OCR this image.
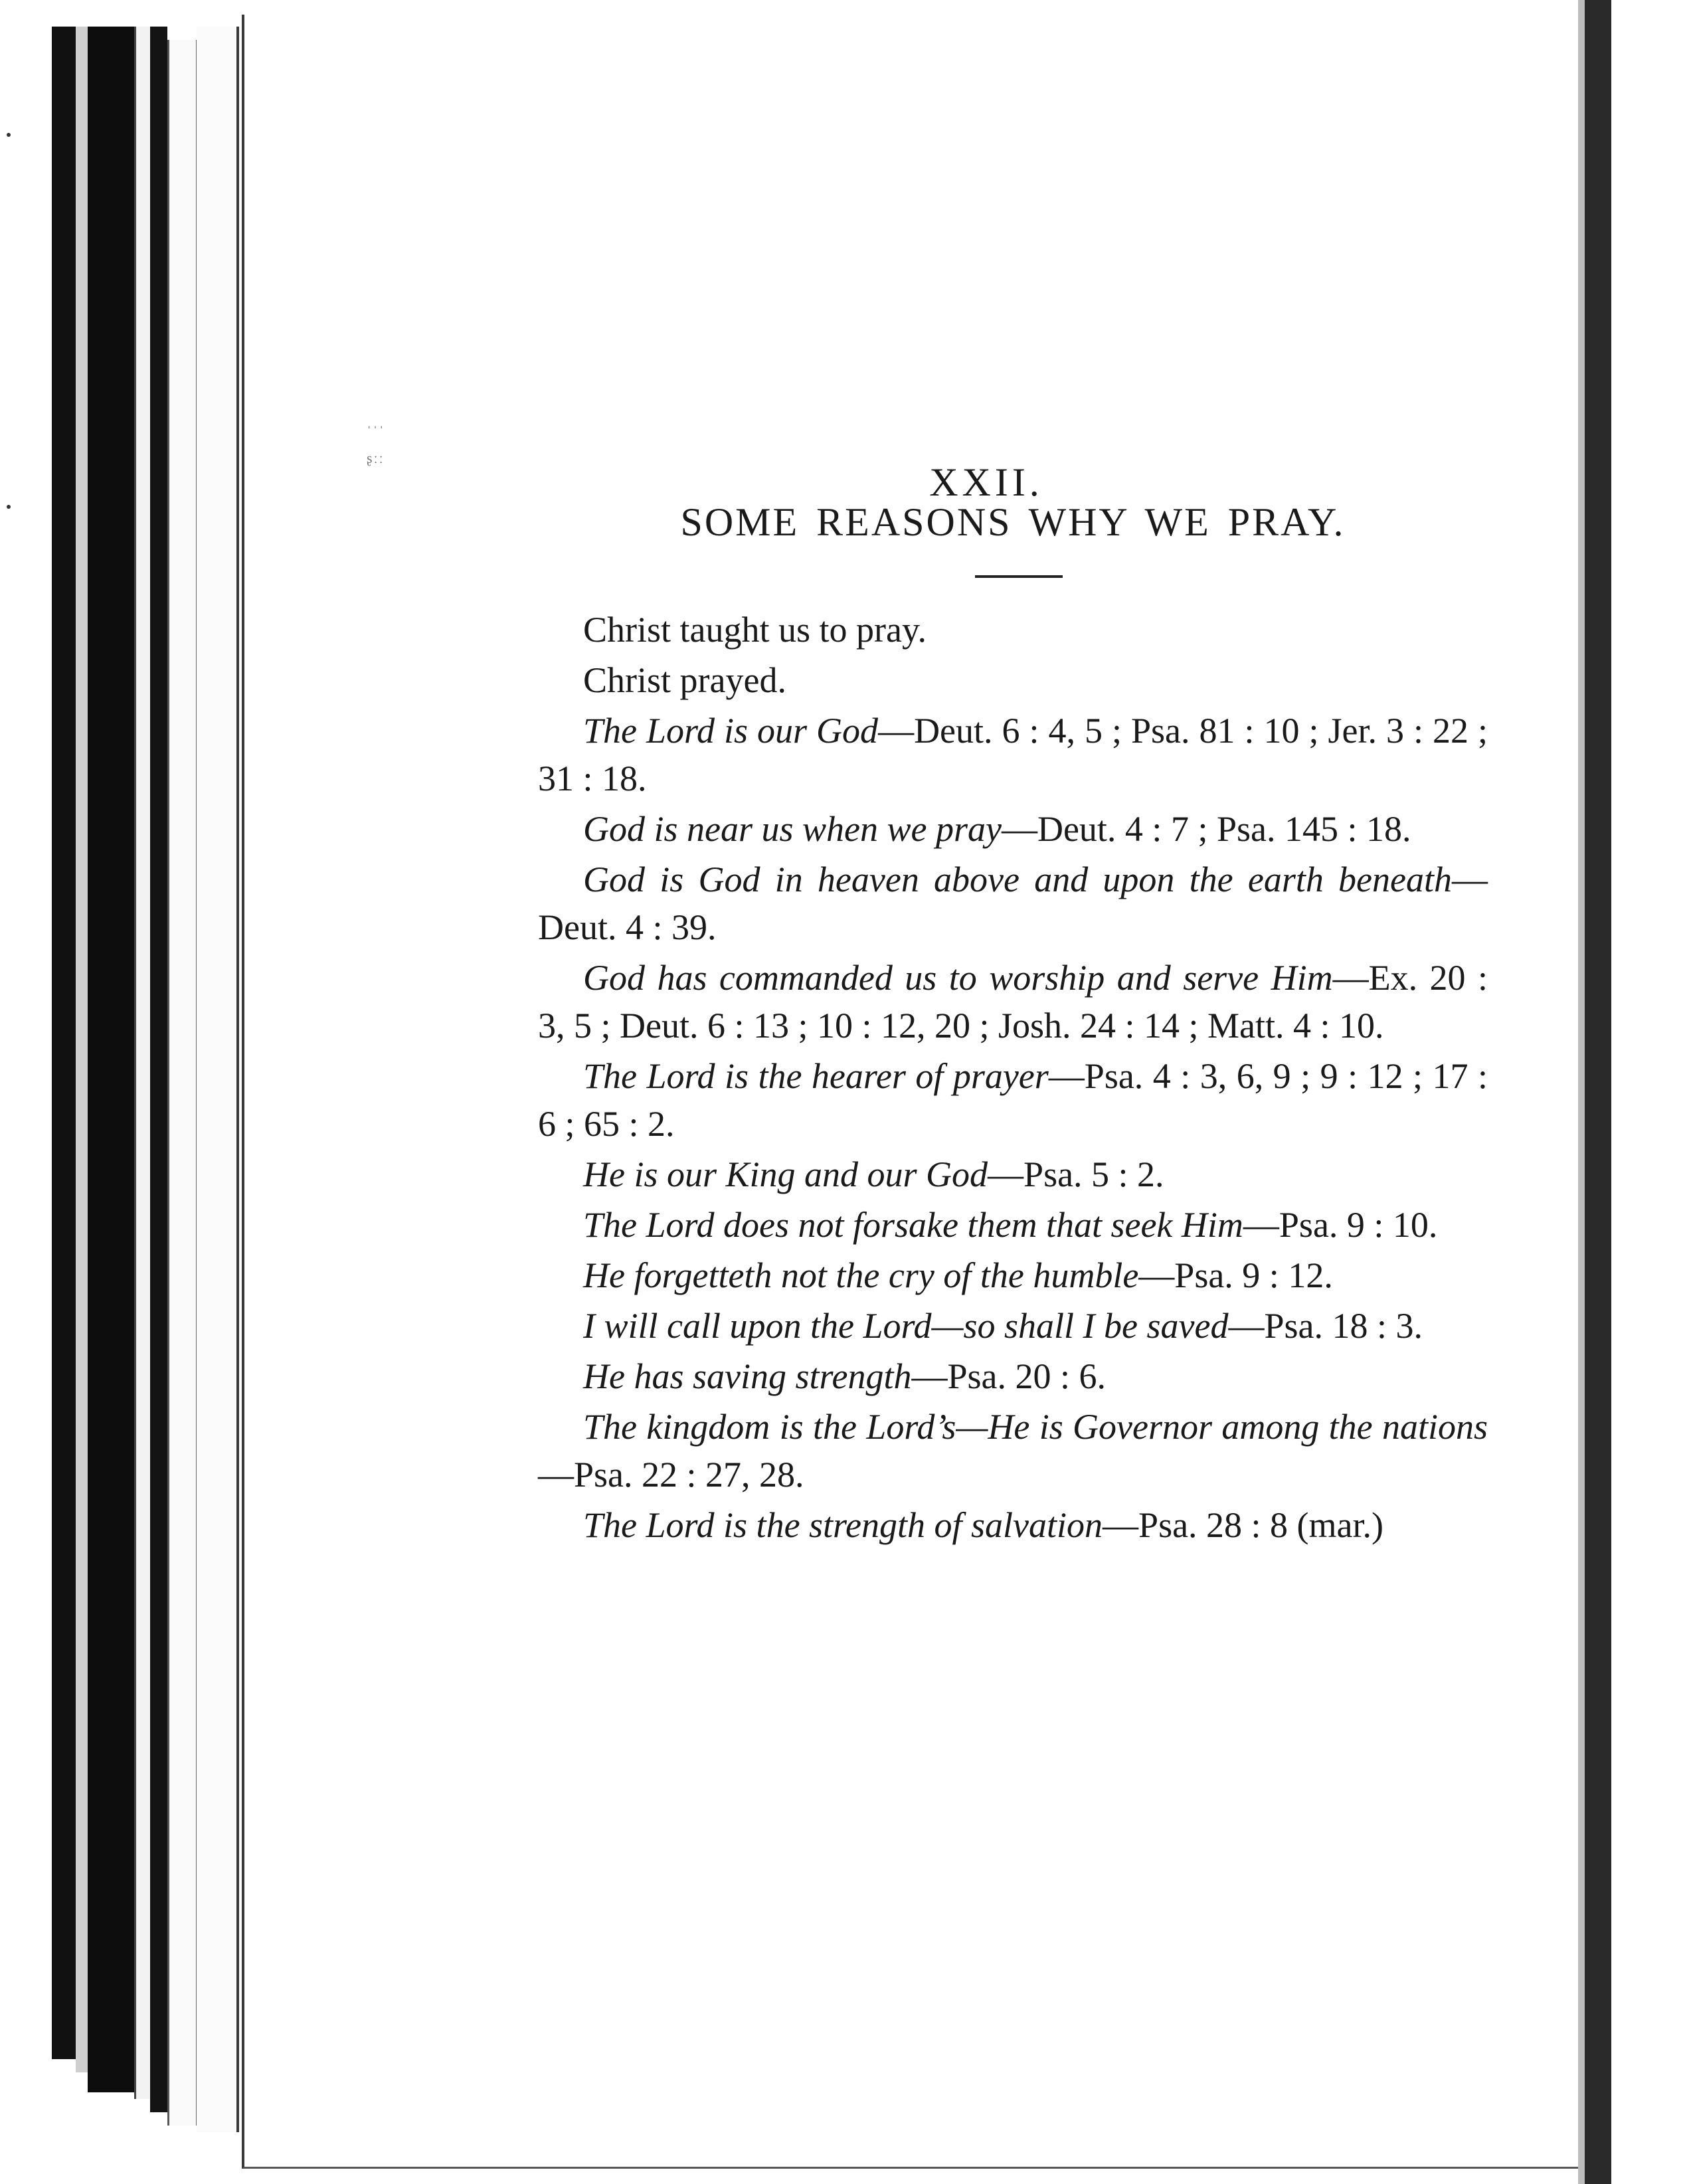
ˈˈˈ
ʂːː
XXII.
SOME REASONS WHY WE PRAY.

Christ taught us to pray.

Christ prayed.

The Lord is our God—Deut. 6 : 4, 5 ; Psa. 81 : 10 ; Jer. 3 : 22 ; 31 : 18.

God is near us when we pray—Deut. 4 : 7 ; Psa. 145 : 18.

God is God in heaven above and upon the earth beneath—Deut. 4 : 39.

God has commanded us to worship and serve Him—Ex. 20 : 3, 5 ; Deut. 6 : 13 ; 10 : 12, 20 ; Josh. 24 : 14 ; Matt. 4 : 10.

The Lord is the hearer of prayer—Psa. 4 : 3, 6, 9 ; 9 : 12 ; 17 : 6 ; 65 : 2.

He is our King and our God—Psa. 5 : 2.

The Lord does not forsake them that seek Him—Psa. 9 : 10.

He forgetteth not the cry of the humble—Psa. 9 : 12.

I will call upon the Lord—so shall I be saved—Psa. 18 : 3.

He has saving strength—Psa. 20 : 6.

The kingdom is the Lord’s—He is Governor among the nations—Psa. 22 : 27, 28.

The Lord is the strength of salvation—Psa. 28 : 8 (mar.)
